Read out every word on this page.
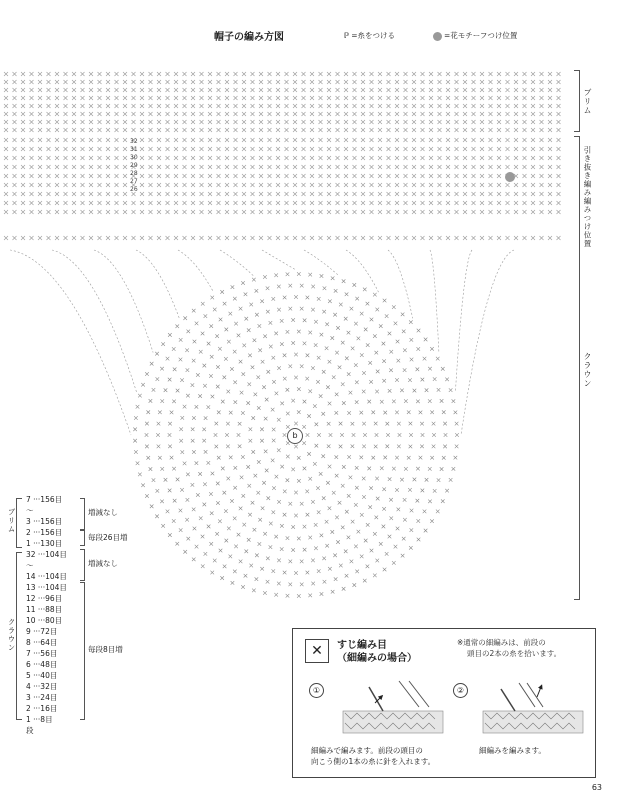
帽子の編み方図	ℙ =糸をつける	=花モチーフつけ位置
32
31
30
29
28
27
26
b
ブリム
引き抜き編み編みつけ位置
クラウン
7 ···156目
〜
3 ···156目
2 ···156目
1 ···130目
32 ···104目
〜
14 ···104目
13 ···104目
12 ···96目
11 ···88目
10 ···80目
9 ···72目
8 ···64目
7 ···56目
6 ···48目
5 ···40目
4 ···32目
3 ···24目
2 ···16目
1 ···8目
段
ブリム
クラウン
増減なし
毎段26目増
増減なし
毎段8目増	✕	すじ編み目
（細編みの場合）
※通常の細編みは、前段の
頭目の2本の糸を拾います。
①	②
細編みで編みます。前段の頭目の
向こう側の1本の糸に針を入れます。
細編みを編みます。
63
